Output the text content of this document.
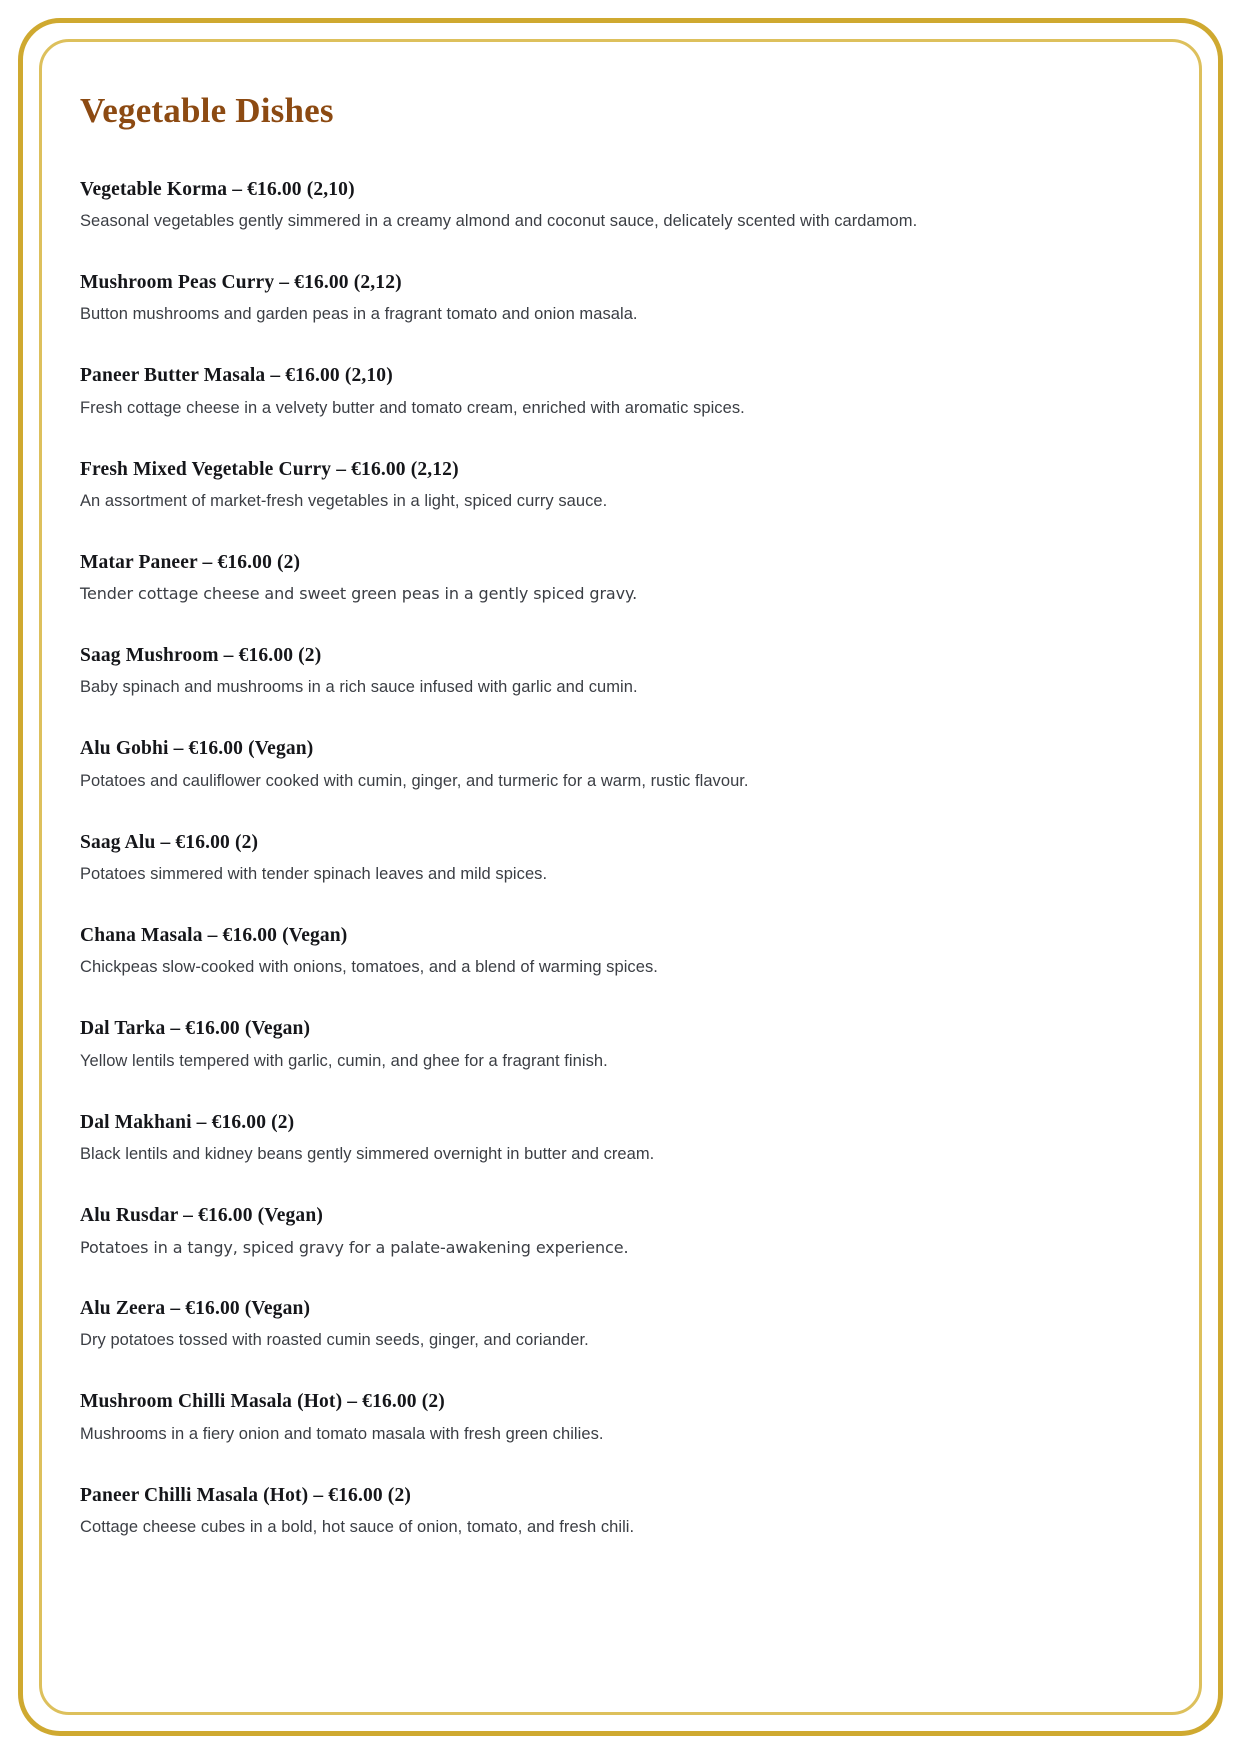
Vegetable Dishes
Vegetable Korma – €16.00 (2,10)
Seasonal vegetables gently simmered in a creamy almond and coconut sauce, delicately scented with cardamom.
Mushroom Peas Curry – €16.00 (2,12)
Button mushrooms and garden peas in a fragrant tomato and onion masala.
Paneer Butter Masala – €16.00 (2,10)
Fresh cottage cheese in a velvety butter and tomato cream, enriched with aromatic spices.
Fresh Mixed Vegetable Curry – €16.00 (2,12)
An assortment of market-fresh vegetables in a light, spiced curry sauce.
Matar Paneer – €16.00 (2)
Tender cottage cheese and sweet green peas in a gently spiced gravy.
Saag Mushroom – €16.00 (2)
Baby spinach and mushrooms in a rich sauce infused with garlic and cumin.
Alu Gobhi – €16.00 (Vegan)
Potatoes and cauliflower cooked with cumin, ginger, and turmeric for a warm, rustic flavour.
Saag Alu – €16.00 (2)
Potatoes simmered with tender spinach leaves and mild spices.
Chana Masala – €16.00 (Vegan)
Chickpeas slow-cooked with onions, tomatoes, and a blend of warming spices.
Dal Tarka – €16.00 (Vegan)
Yellow lentils tempered with garlic, cumin, and ghee for a fragrant finish.
Dal Makhani – €16.00 (2)
Black lentils and kidney beans gently simmered overnight in butter and cream.
Alu Rusdar – €16.00 (Vegan)
Potatoes in a tangy, spiced gravy for a palate-awakening experience.
Alu Zeera – €16.00 (Vegan)
Dry potatoes tossed with roasted cumin seeds, ginger, and coriander.
Mushroom Chilli Masala (Hot) – €16.00 (2)
Mushrooms in a fiery onion and tomato masala with fresh green chilies.
Paneer Chilli Masala (Hot) – €16.00 (2)
Cottage cheese cubes in a bold, hot sauce of onion, tomato, and fresh chili.
